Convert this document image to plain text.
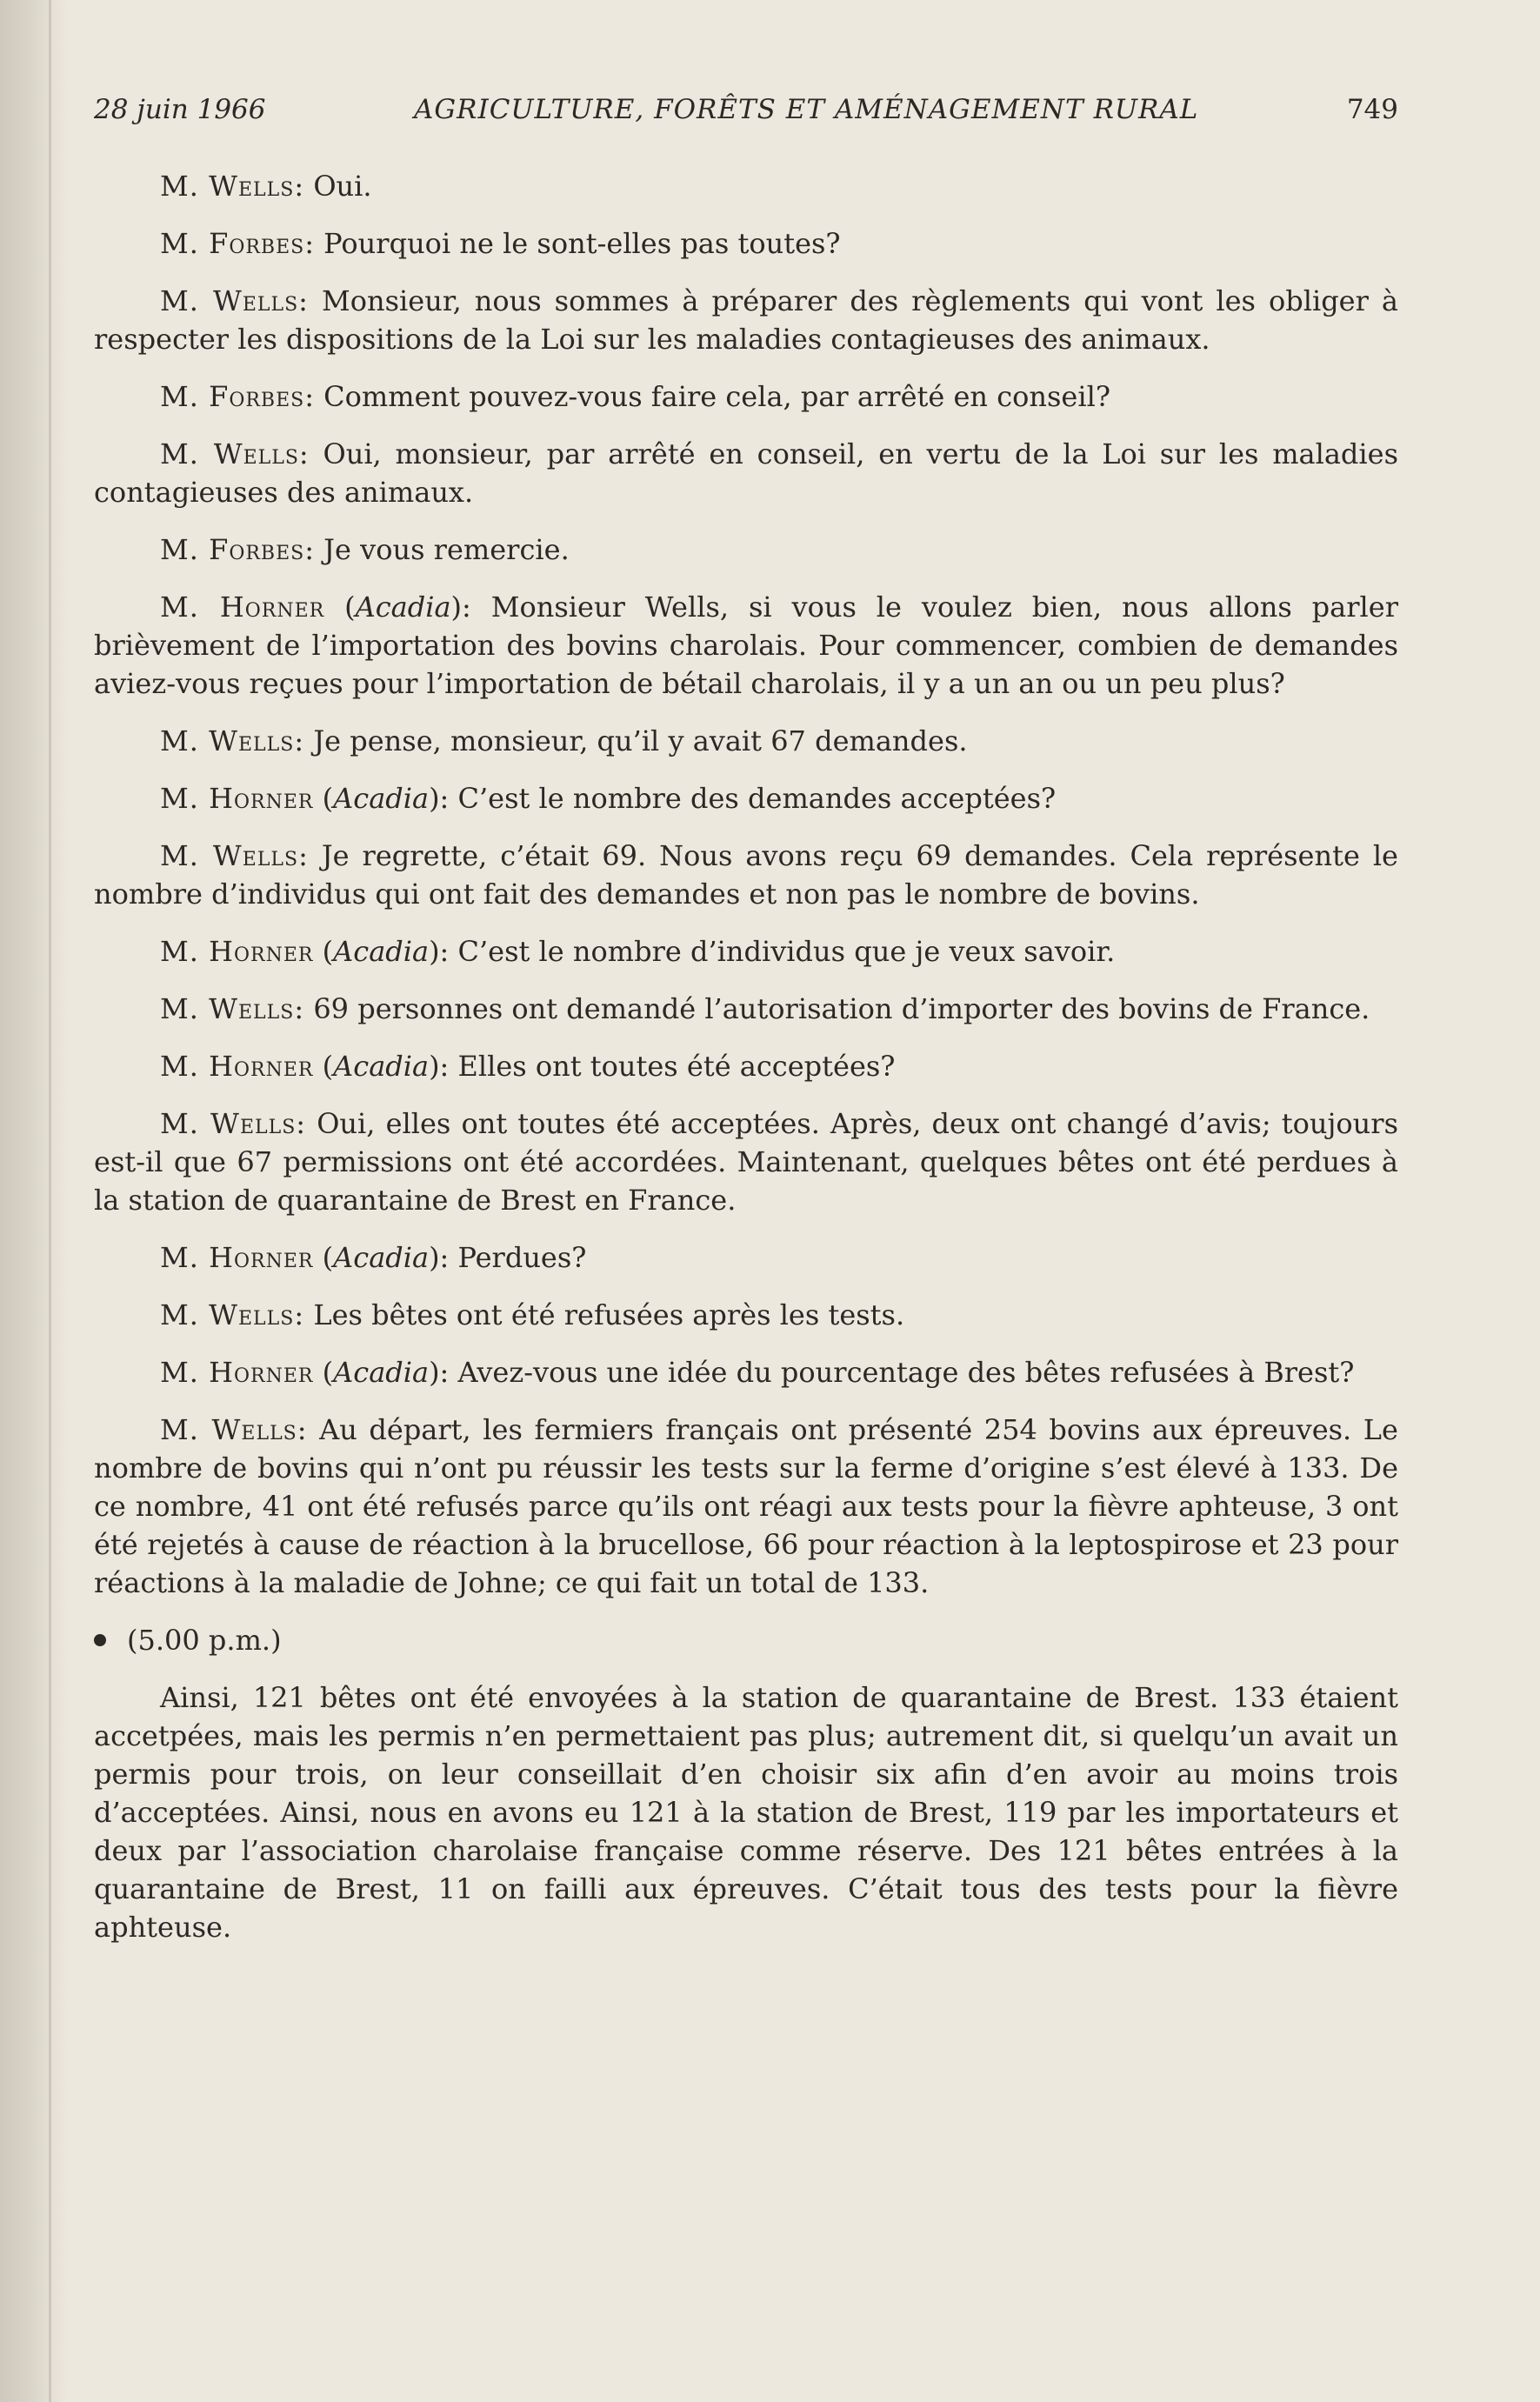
28 juin 1966	AGRICULTURE, FORÊTS ET AMÉNAGEMENT RURAL	749

M. Wells: Oui.

M. Forbes: Pourquoi ne le sont-elles pas toutes?

M. Wells: Monsieur, nous sommes à préparer des règlements qui vont les obliger à respecter les dispositions de la Loi sur les maladies contagieuses des animaux.

M. Forbes: Comment pouvez-vous faire cela, par arrêté en conseil?

M. Wells: Oui, monsieur, par arrêté en conseil, en vertu de la Loi sur les maladies contagieuses des animaux.

M. Forbes: Je vous remercie.

M. Horner (Acadia): Monsieur Wells, si vous le voulez bien, nous allons parler brièvement de l’importation des bovins charolais. Pour commencer, combien de demandes aviez-vous reçues pour l’importation de bétail charolais, il y a un an ou un peu plus?

M. Wells: Je pense, monsieur, qu’il y avait 67 demandes.

M. Horner (Acadia): C’est le nombre des demandes acceptées?

M. Wells: Je regrette, c’était 69. Nous avons reçu 69 demandes. Cela représente le nombre d’individus qui ont fait des demandes et non pas le nombre de bovins.

M. Horner (Acadia): C’est le nombre d’individus que je veux savoir.

M. Wells: 69 personnes ont demandé l’autorisation d’importer des bovins de France.

M. Horner (Acadia): Elles ont toutes été acceptées?

M. Wells: Oui, elles ont toutes été acceptées. Après, deux ont changé d’avis; toujours est-il que 67 permissions ont été accordées. Maintenant, quelques bêtes ont été perdues à la station de quarantaine de Brest en France.

M. Horner (Acadia): Perdues?

M. Wells: Les bêtes ont été refusées après les tests.

M. Horner (Acadia): Avez-vous une idée du pourcentage des bêtes refusées à Brest?

M. Wells: Au départ, les fermiers français ont présenté 254 bovins aux épreuves. Le nombre de bovins qui n’ont pu réussir les tests sur la ferme d’origine s’est élevé à 133. De ce nombre, 41 ont été refusés parce qu’ils ont réagi aux tests pour la fièvre aphteuse, 3 ont été rejetés à cause de réaction à la brucellose, 66 pour réaction à la leptospirose et 23 pour réactions à la maladie de Johne; ce qui fait un total de 133.

(5.00 p.m.)

Ainsi, 121 bêtes ont été envoyées à la station de quarantaine de Brest. 133 étaient accetpées, mais les permis n’en permettaient pas plus; autrement dit, si quelqu’un avait un permis pour trois, on leur conseillait d’en choisir six afin d’en avoir au moins trois d’acceptées. Ainsi, nous en avons eu 121 à la station de Brest, 119 par les importateurs et deux par l’association charolaise française comme réserve. Des 121 bêtes entrées à la quarantaine de Brest, 11 on failli aux épreuves. C’était tous des tests pour la fièvre aphteuse.
